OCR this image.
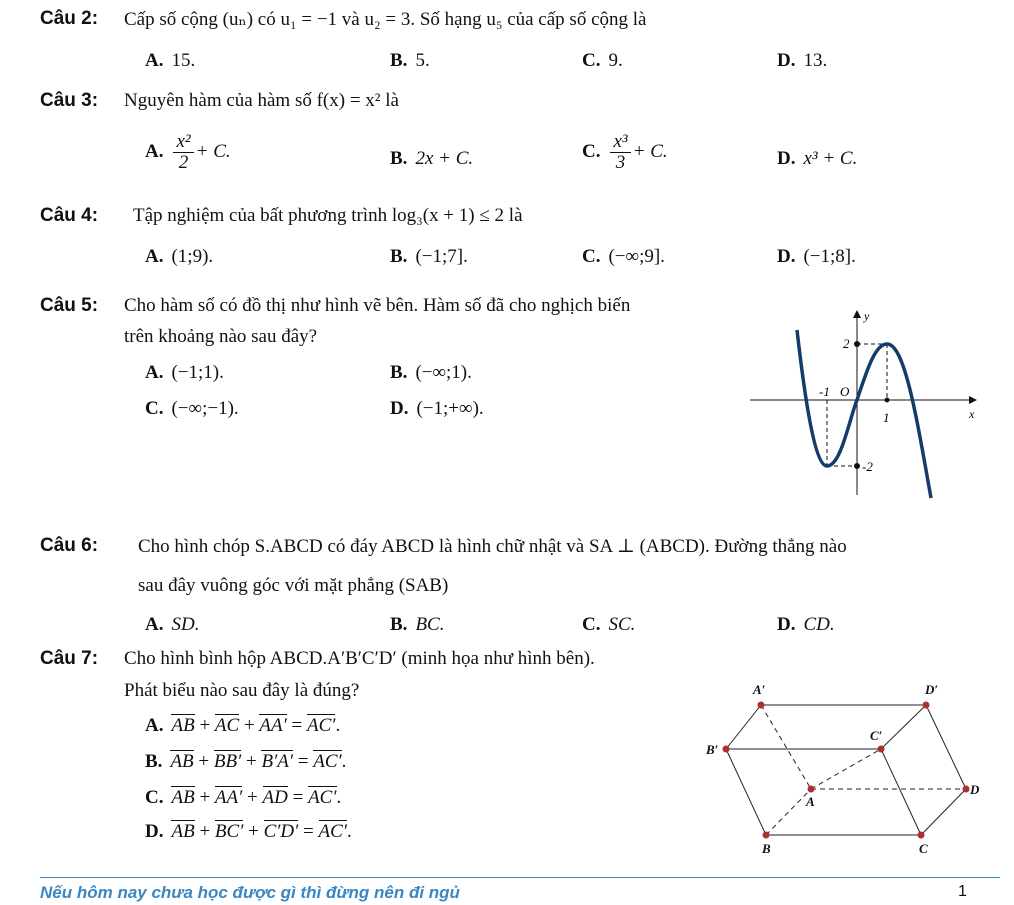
Câu 2: Cấp số cộng (uₙ) có u₁ = −1 và u₂ = 3. Số hạng u₅ của cấp số cộng là
A. 15.	B. 5.	C. 9.	D. 13.
Câu 3: Nguyên hàm của hàm số f(x) = x² là
A. $\frac{\text{x²}}{2} + C$.	B. 2x + C.	C. $\frac{\text{x³}}{3} + C$.	D. x³ + C.
Câu 4: Tập nghiệm của bất phương trình log₃(x + 1) ≤ 2 là
A. (1;9).	B. (−1;7].	C. (−∞;9].	D. (−1;8].
Câu 5: Cho hàm số có đồ thị như hình vẽ bên. Hàm số đã cho nghịch biến
trên khoảng nào sau đây?
A. (−1;1).	B. (−∞;1).
C. (−∞;−1).	D. (−1;+∞).
y
x
2
-1 O
1
-2
Câu 6: Cho hình chóp S.ABCD có đáy ABCD là hình chữ nhật và SA ⊥ (ABCD). Đường thẳng nào
sau đây vuông góc với mặt phẳng (SAB)
A. SD.	B. BC.	C. SC.	D. CD.
Câu 7: Cho hình bình hộp ABCD.A′B′C′D′ (minh họa như hình bên).
Phát biểu nào sau đây là đúng?
A. AB + AC + AA′ = AC′.
B. AB + BB′ + B′A′ = AC′.
C. AB + AA′ + AD = AC′.
D. AB + BC′ + C′D′ = AC′.
A′	D′
B′
C′
A
D
B	C
Nếu hôm nay chưa học được gì thì đừng nên đi ngủ	1
